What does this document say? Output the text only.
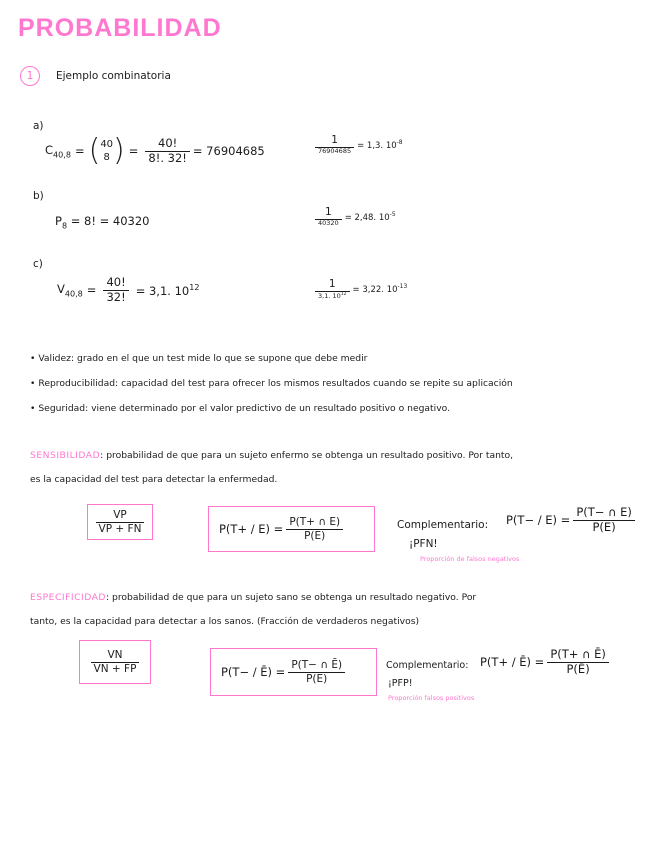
PROBABILIDAD
1	Ejemplo combinatoria
a)
$C_{40,8}$ = ( 40
8 ) = $\frac{40!}{8!. 32!} = 76904685$	$\frac{1}{76904685} = 1,3$. $10^{-8}$
b)
$P_8 = 8$! = 40320	$\frac{1}{40320} = 2,48$. $10^{-5}$
c)
$V_{40,8} = \frac{40!}{32!} = 3,1$. $10^{12}$	$\frac{1}{3,1. 10^{12}} = 3,22$. $10^{-13}$
• Validez: grado en el que un test mide lo que se supone que debe medir
• Reproducibilidad: capacidad del test para ofrecer los mismos resultados cuando se repite su aplicación
• Seguridad: viene determinado por el valor predictivo de un resultado positivo o negativo.
SENSIBILIDAD: probabilidad de que para un sujeto enfermo se obtenga un resultado positivo. Por tanto,
es la capacidad del test para detectar la enfermedad.
$\frac{VP}{VP + FN}$	$P(T+ / E) = \frac{P(T+ \cap E)}{P(E)}$	Complementario:
¡PFN!
$P(T- / E) = \frac{P(T- \cap E)}{P(E)}$
Proporción de falsos negativos
ESPECIFICIDAD: probabilidad de que para un sujeto sano se obtenga un resultado negativo. Por
tanto, es la capacidad para detectar a los sanos. (Fracción de verdaderos negativos)
$\frac{VN}{VN + FP}$	P(T− / Ē) = $\frac{P(T- \cap Ē)}{P(Ē)}$	Complementario:
¡PFP!
P(T+ / Ē) = $\frac{P(T+ \cap Ē)}{P(Ē)}$
Proporción falsos positivos
